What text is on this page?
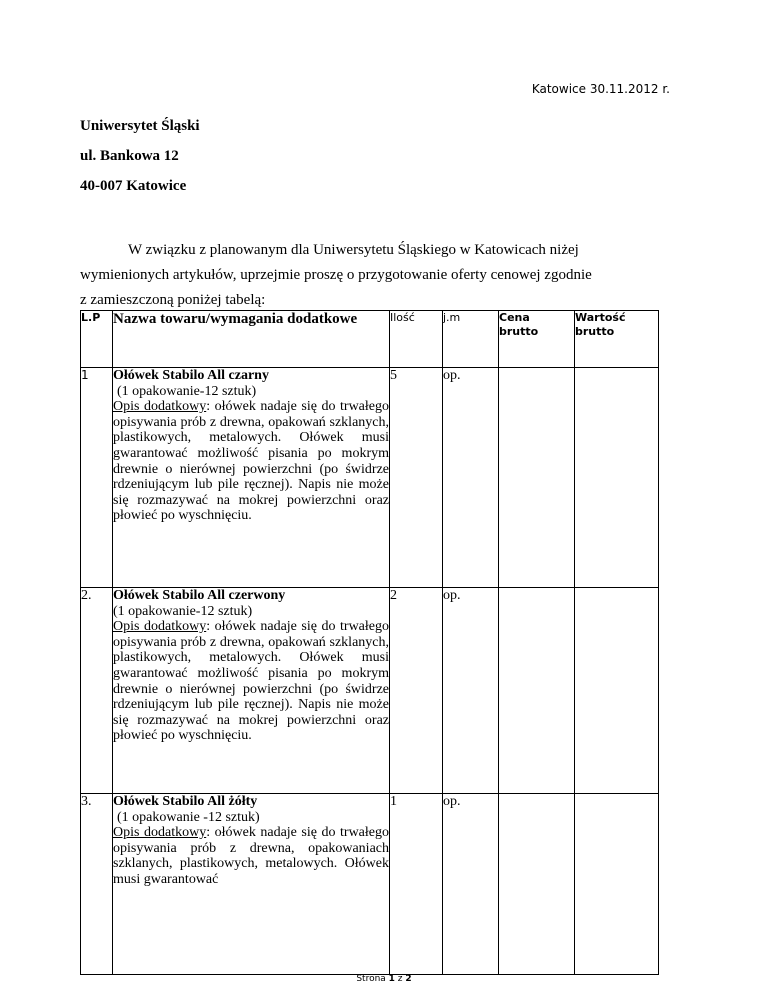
Katowice 30.11.2012 r.
Uniwersytet Śląski
ul. Bankowa 12
40-007 Katowice
W związku z planowanym dla Uniwersytetu Śląskiego w Katowicach niżej
wymienionych artykułów, uprzejmie proszę o przygotowanie oferty cenowej zgodnie
z zamieszczoną poniżej tabelą:
L.P	Nazwa towaru/wymagania dodatkowe	Ilość	j.m	Cena
brutto	Wartość
brutto
1	Ołówek Stabilo All czarny
(1 opakowanie-12 sztuk)
Opis dodatkowy: ołówek nadaje się do trwałego opisywania prób z drewna, opakowań szklanych, plastikowych, metalowych. Ołówek musi gwarantować możliwość pisania po mokrym drewnie o nierównej powierzchni (po świdrze rdzeniującym lub pile ręcznej). Napis nie może się rozmazywać na mokrej powierzchni oraz płowieć po wyschnięciu.	5	op.		
2.	Ołówek Stabilo All czerwony
(1 opakowanie-12 sztuk)
Opis dodatkowy: ołówek nadaje się do trwałego opisywania prób z drewna, opakowań szklanych, plastikowych, metalowych. Ołówek musi gwarantować możliwość pisania po mokrym drewnie o nierównej powierzchni (po świdrze rdzeniującym lub pile ręcznej). Napis nie może się rozmazywać na mokrej powierzchni oraz płowieć po wyschnięciu.	2	op.		
3.	Ołówek Stabilo All żółty
(1 opakowanie -12 sztuk)
Opis dodatkowy: ołówek nadaje się do trwałego opisywania prób z drewna, opakowaniach szklanych, plastikowych, metalowych. Ołówek musi gwarantować	1	op.		
Strona 1 z 2
